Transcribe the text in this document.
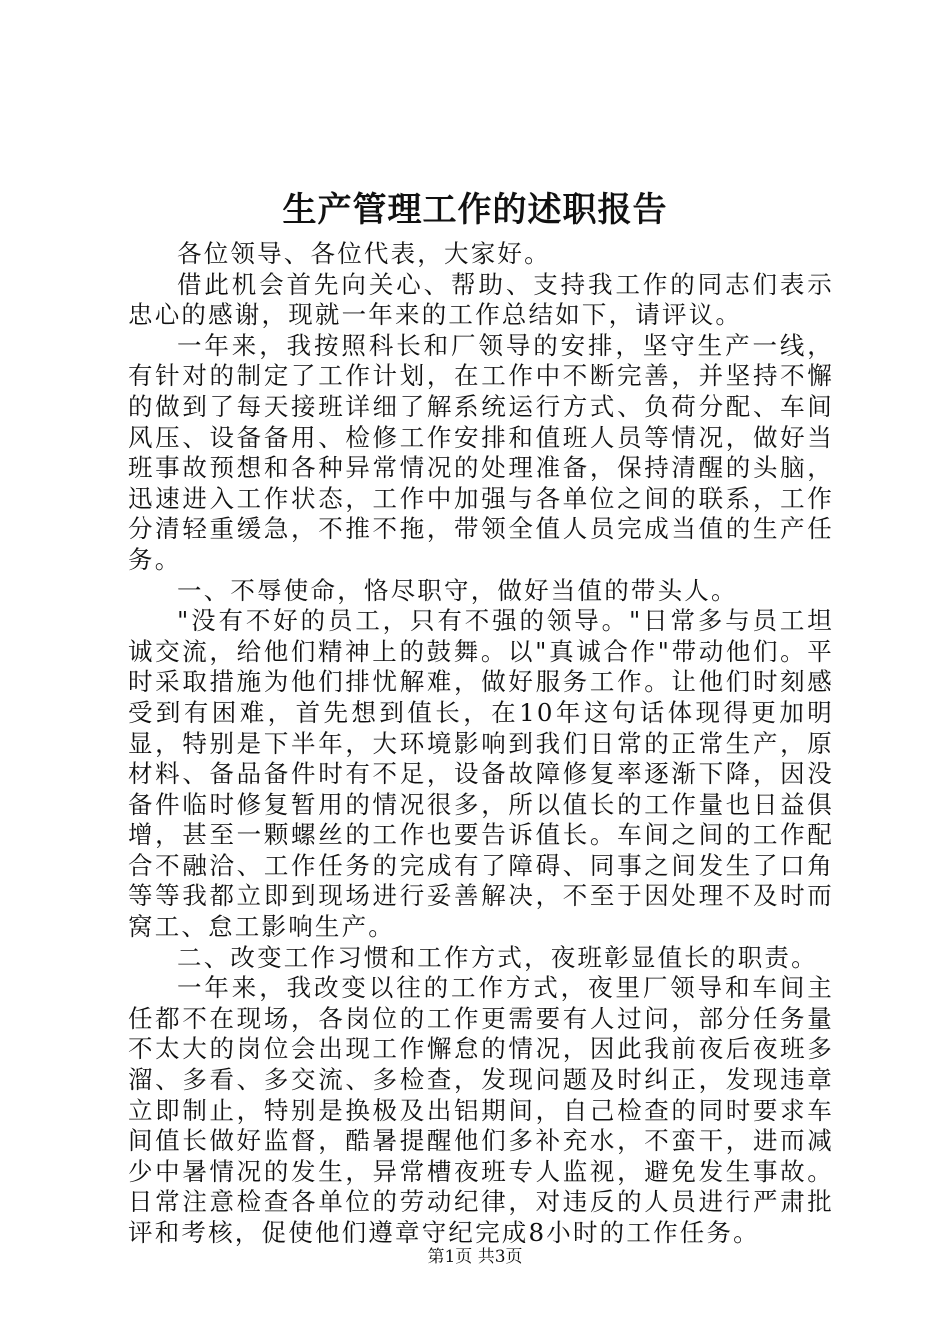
生产管理工作的述职报告

各位领导、各位代表，大家好。

借此机会首先向关心、帮助、支持我工作的同志们表示忠心的感谢，现就一年来的工作总结如下，请评议。

一年来，我按照科长和厂领导的安排，坚守生产一线，有针对的制定了工作计划，在工作中不断完善，并坚持不懈的做到了每天接班详细了解系统运行方式、负荷分配、车间风压、设备备用、检修工作安排和值班人员等情况，做好当班事故预想和各种异常情况的处理准备，保持清醒的头脑，迅速进入工作状态，工作中加强与各单位之间的联系，工作分清轻重缓急，不推不拖，带领全值人员完成当值的生产任务。

一、不辱使命，恪尽职守，做好当值的带头人。

"没有不好的员工，只有不强的领导。"日常多与员工坦诚交流，给他们精神上的鼓舞。以"真诚合作"带动他们。平时采取措施为他们排忧解难，做好服务工作。让他们时刻感受到有困难，首先想到值长，在10年这句话体现得更加明显，特别是下半年，大环境影响到我们日常的正常生产，原材料、备品备件时有不足，设备故障修复率逐渐下降，因没备件临时修复暂用的情况很多，所以值长的工作量也日益俱增，甚至一颗螺丝的工作也要告诉值长。车间之间的工作配合不融洽、工作任务的完成有了障碍、同事之间发生了口角等等我都立即到现场进行妥善解决，不至于因处理不及时而窝工、怠工影响生产。

二、改变工作习惯和工作方式，夜班彰显值长的职责。

一年来，我改变以往的工作方式，夜里厂领导和车间主任都不在现场，各岗位的工作更需要有人过问，部分任务量不太大的岗位会出现工作懈怠的情况，因此我前夜后夜班多溜、多看、多交流、多检查，发现问题及时纠正，发现违章立即制止，特别是换极及出铝期间，自己检查的同时要求车间值长做好监督，酷暑提醒他们多补充水，不蛮干，进而减少中暑情况的发生，异常槽夜班专人监视，避免发生事故。日常注意检查各单位的劳动纪律，对违反的人员进行严肃批评和考核，促使他们遵章守纪完成8小时的工作任务。

第1页 共3页
